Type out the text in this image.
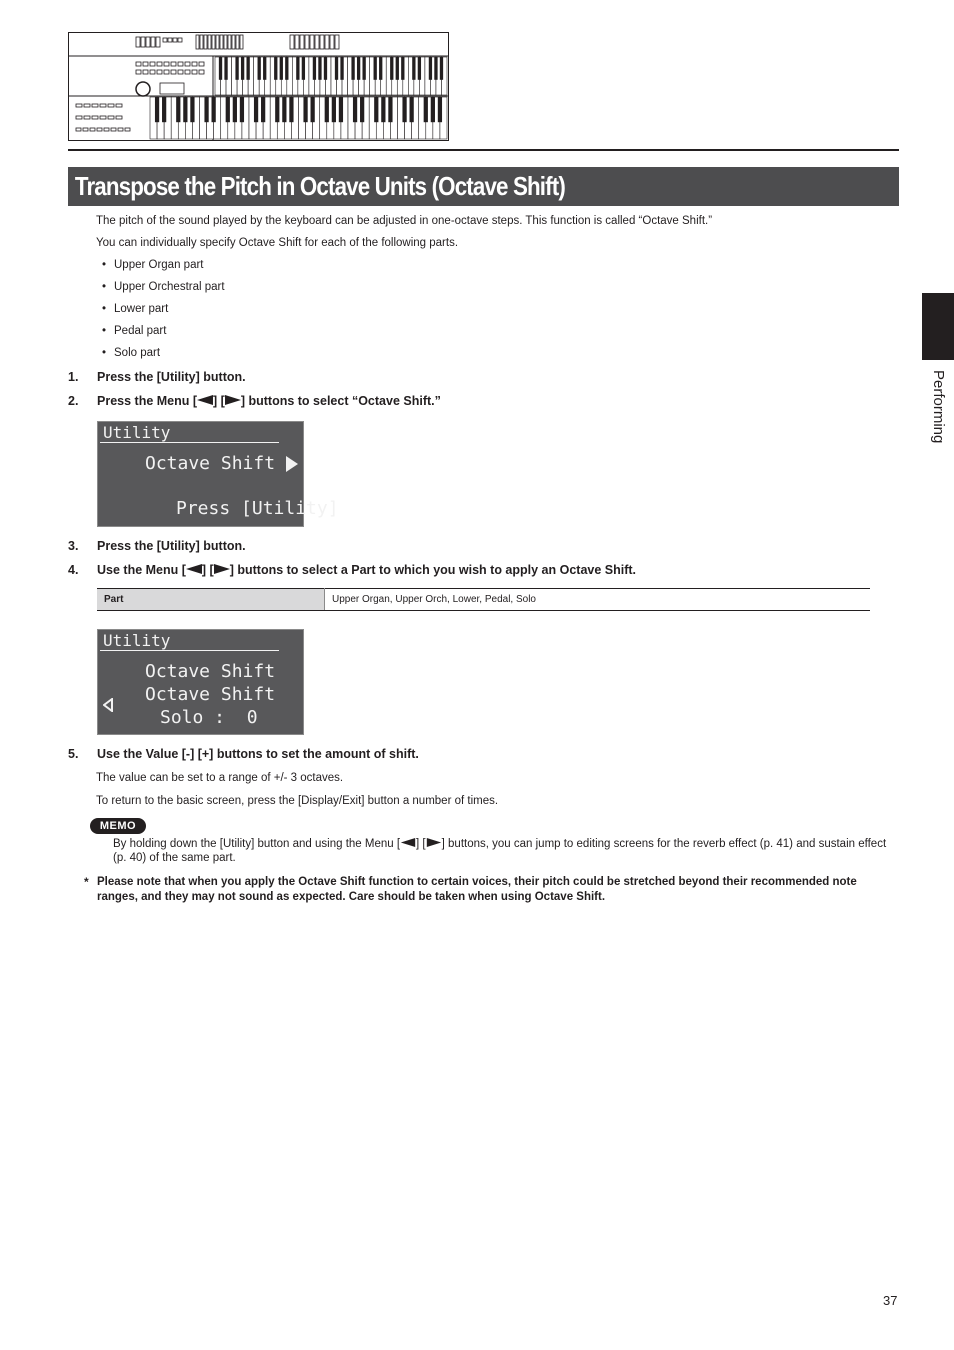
Transpose the Pitch in Octave Units (Octave Shift)
The pitch of the sound played by the keyboard can be adjusted in one-octave steps. This function is called “Octave Shift.”
You can individually specify Octave Shift for each of the following parts.
• Upper Organ part
• Upper Orchestral part
• Lower part
• Pedal part
• Solo part
1. Press the [Utility] button.
2. Press the Menu [ ] [ ] buttons to select “Octave Shift.”
Utility
Octave Shift
Press [Utility]
3. Press the [Utility] button.
4. Use the Menu [ ] [ ] buttons to select a Part to which you wish to apply an Octave Shift.
Part	Upper Organ, Upper Orch, Lower, Pedal, Solo
Utility
Octave Shift
Octave Shift
Solo :  0
5. Use the Value [-] [+] buttons to set the amount of shift.
The value can be set to a range of +/- 3 octaves.
To return to the basic screen, press the [Display/Exit] button a number of times.
MEMO
By holding down the [Utility] button and using the Menu [ ] [ ] buttons, you can jump to editing screens for the reverb effect (p. 41) and sustain effect (p. 40) of the same part.
* Please note that when you apply the Octave Shift function to certain voices, their pitch could be stretched beyond their recommended note ranges, and they may not sound as expected. Care should be taken when using Octave Shift.
Performing
37
